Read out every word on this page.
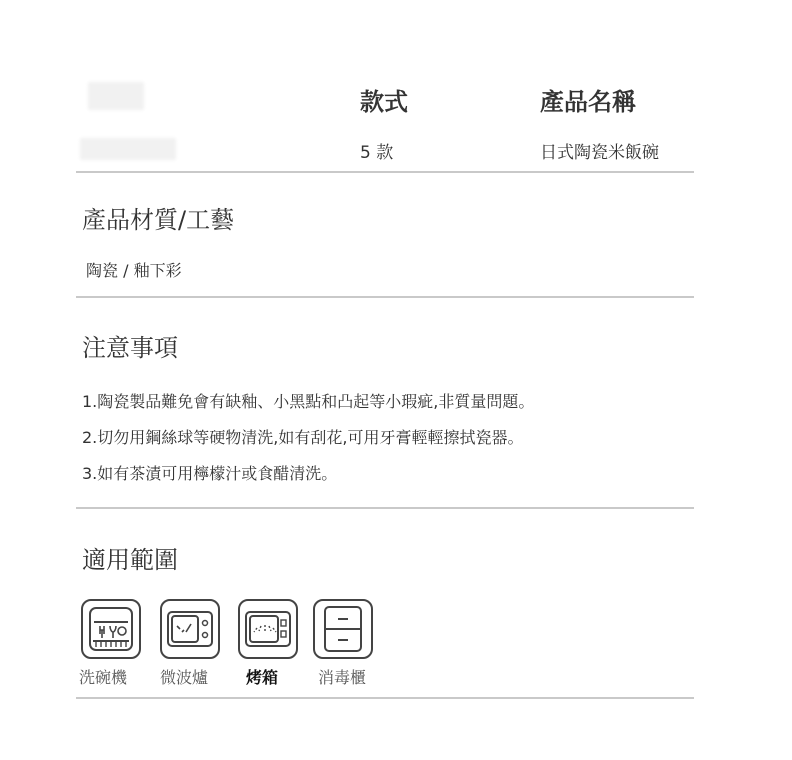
款式	產品名稱
5 款	日式陶瓷米飯碗
產品材質/工藝
陶瓷 / 釉下彩
注意事項

1.陶瓷製品難免會有缺釉、小黑點和凸起等小瑕疵,非質量問題。

2.切勿用鋼絲球等硬物清洗,如有刮花,可用牙膏輕輕擦拭瓷器。

3.如有茶漬可用檸檬汁或食醋清洗。

適用範圍
洗碗機 微波爐 烤箱 消毒櫃
